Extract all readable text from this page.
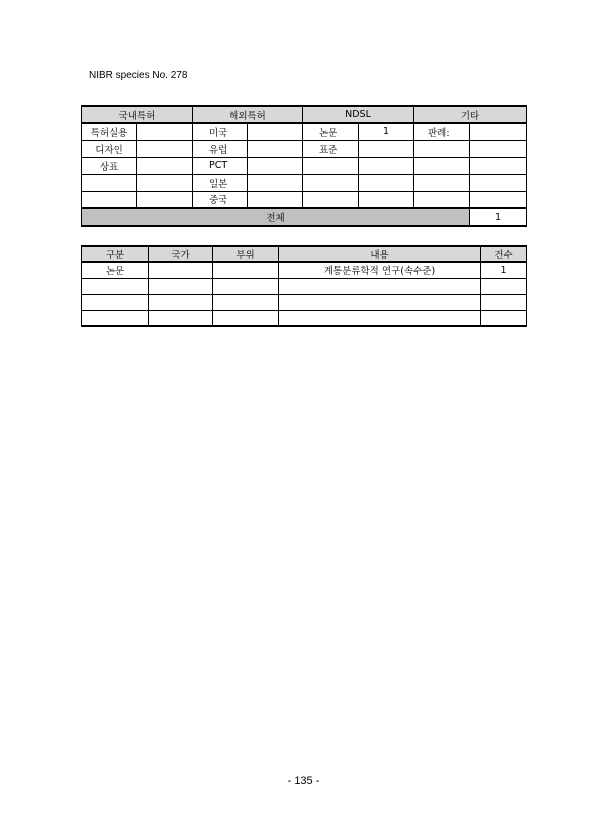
NIBR species No. 278
국내특허		해외특허		NDSL		기타	
특허실용		미국		논문	1	판례:	
디자인		유럽		표준			
상표		PCT					
		일본					
		중국					
전체							1
구분	국가	부위	내용	건수
논문			계통분류학적 연구(속수준)	1

- 135 -
